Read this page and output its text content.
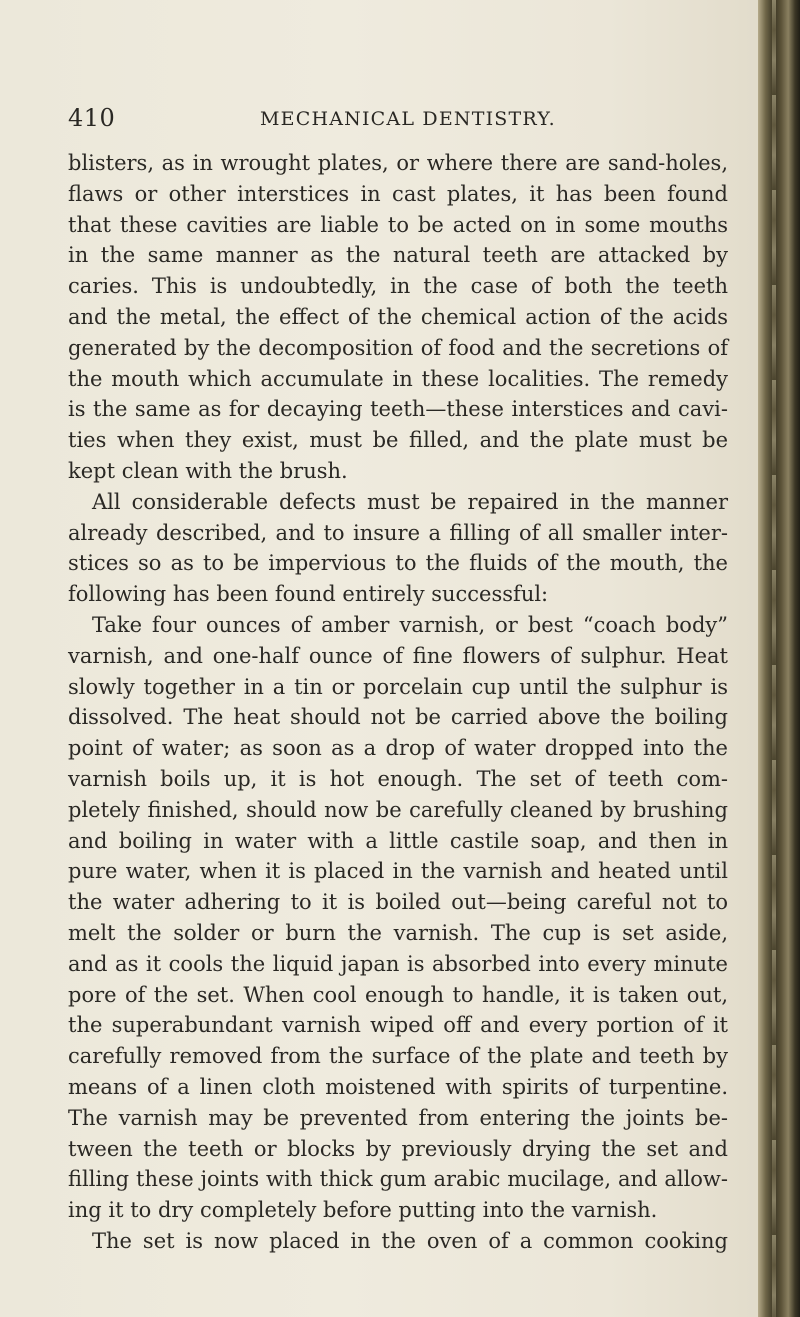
410	MECHANICAL DENTISTRY.
blisters, as in wrought plates, or where there are sand-holes,
flaws or other interstices in cast plates, it has been found
that these cavities are liable to be acted on in some mouths
in the same manner as the natural teeth are attacked by
caries. This is undoubtedly, in the case of both the teeth
and the metal, the effect of the chemical action of the acids
generated by the decomposition of food and the secretions of
the mouth which accumulate in these localities. The remedy
is the same as for decaying teeth—these interstices and cavi-
ties when they exist, must be filled, and the plate must be
kept clean with the brush.
All considerable defects must be repaired in the manner
already described, and to insure a filling of all smaller inter-
stices so as to be impervious to the fluids of the mouth, the
following has been found entirely successful:
Take four ounces of amber varnish, or best “coach body”
varnish, and one-half ounce of fine flowers of sulphur. Heat
slowly together in a tin or porcelain cup until the sulphur is
dissolved. The heat should not be carried above the boiling
point of water; as soon as a drop of water dropped into the
varnish boils up, it is hot enough. The set of teeth com-
pletely finished, should now be carefully cleaned by brushing
and boiling in water with a little castile soap, and then in
pure water, when it is placed in the varnish and heated until
the water adhering to it is boiled out—being careful not to
melt the solder or burn the varnish. The cup is set aside,
and as it cools the liquid japan is absorbed into every minute
pore of the set. When cool enough to handle, it is taken out,
the superabundant varnish wiped off and every portion of it
carefully removed from the surface of the plate and teeth by
means of a linen cloth moistened with spirits of turpentine.
The varnish may be prevented from entering the joints be-
tween the teeth or blocks by previously drying the set and
filling these joints with thick gum arabic mucilage, and allow-
ing it to dry completely before putting into the varnish.
The set is now placed in the oven of a common cooking
